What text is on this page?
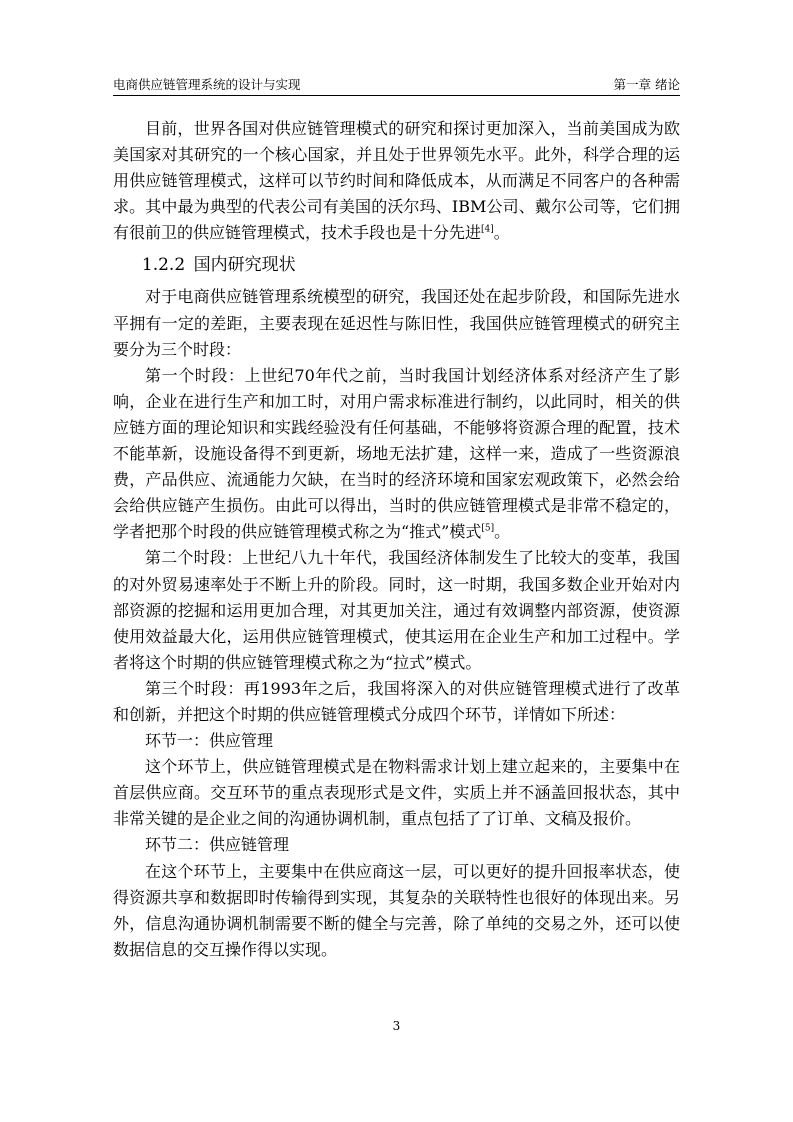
电商供应链管理系统的设计与实现	第一章 绪论

目前，世界各国对供应链管理模式的研究和探讨更加深入，当前美国成为欧美国家对其研究的一个核心国家，并且处于世界领先水平。此外，科学合理的运用供应链管理模式，这样可以节约时间和降低成本，从而满足不同客户的各种需求。其中最为典型的代表公司有美国的沃尔玛、IBM公司、戴尔公司等，它们拥有很前卫的供应链管理模式，技术手段也是十分先进[4]。

1.2.2 国内研究现状

对于电商供应链管理系统模型的研究，我国还处在起步阶段，和国际先进水平拥有一定的差距，主要表现在延迟性与陈旧性，我国供应链管理模式的研究主要分为三个时段：

第一个时段：上世纪70年代之前，当时我国计划经济体系对经济产生了影响，企业在进行生产和加工时，对用户需求标准进行制约，以此同时，相关的供应链方面的理论知识和实践经验没有任何基础，不能够将资源合理的配置，技术不能革新，设施设备得不到更新，场地无法扩建，这样一来，造成了一些资源浪费，产品供应、流通能力欠缺，在当时的经济环境和国家宏观政策下，必然会给会给供应链产生损伤。由此可以得出，当时的供应链管理模式是非常不稳定的，学者把那个时段的供应链管理模式称之为“推式”模式[5]。

第二个时段：上世纪八九十年代，我国经济体制发生了比较大的变革，我国的对外贸易速率处于不断上升的阶段。同时，这一时期，我国多数企业开始对内部资源的挖掘和运用更加合理，对其更加关注，通过有效调整内部资源，使资源使用效益最大化，运用供应链管理模式，使其运用在企业生产和加工过程中。学者将这个时期的供应链管理模式称之为“拉式”模式。

第三个时段：再1993年之后，我国将深入的对供应链管理模式进行了改革和创新，并把这个时期的供应链管理模式分成四个环节，详情如下所述：

环节一：供应管理

这个环节上，供应链管理模式是在物料需求计划上建立起来的，主要集中在首层供应商。交互环节的重点表现形式是文件，实质上并不涵盖回报状态，其中非常关键的是企业之间的沟通协调机制，重点包括了了订单、文稿及报价。

环节二：供应链管理

在这个环节上，主要集中在供应商这一层，可以更好的提升回报率状态，使得资源共享和数据即时传输得到实现，其复杂的关联特性也很好的体现出来。另外，信息沟通协调机制需要不断的健全与完善，除了单纯的交易之外，还可以使数据信息的交互操作得以实现。

3
